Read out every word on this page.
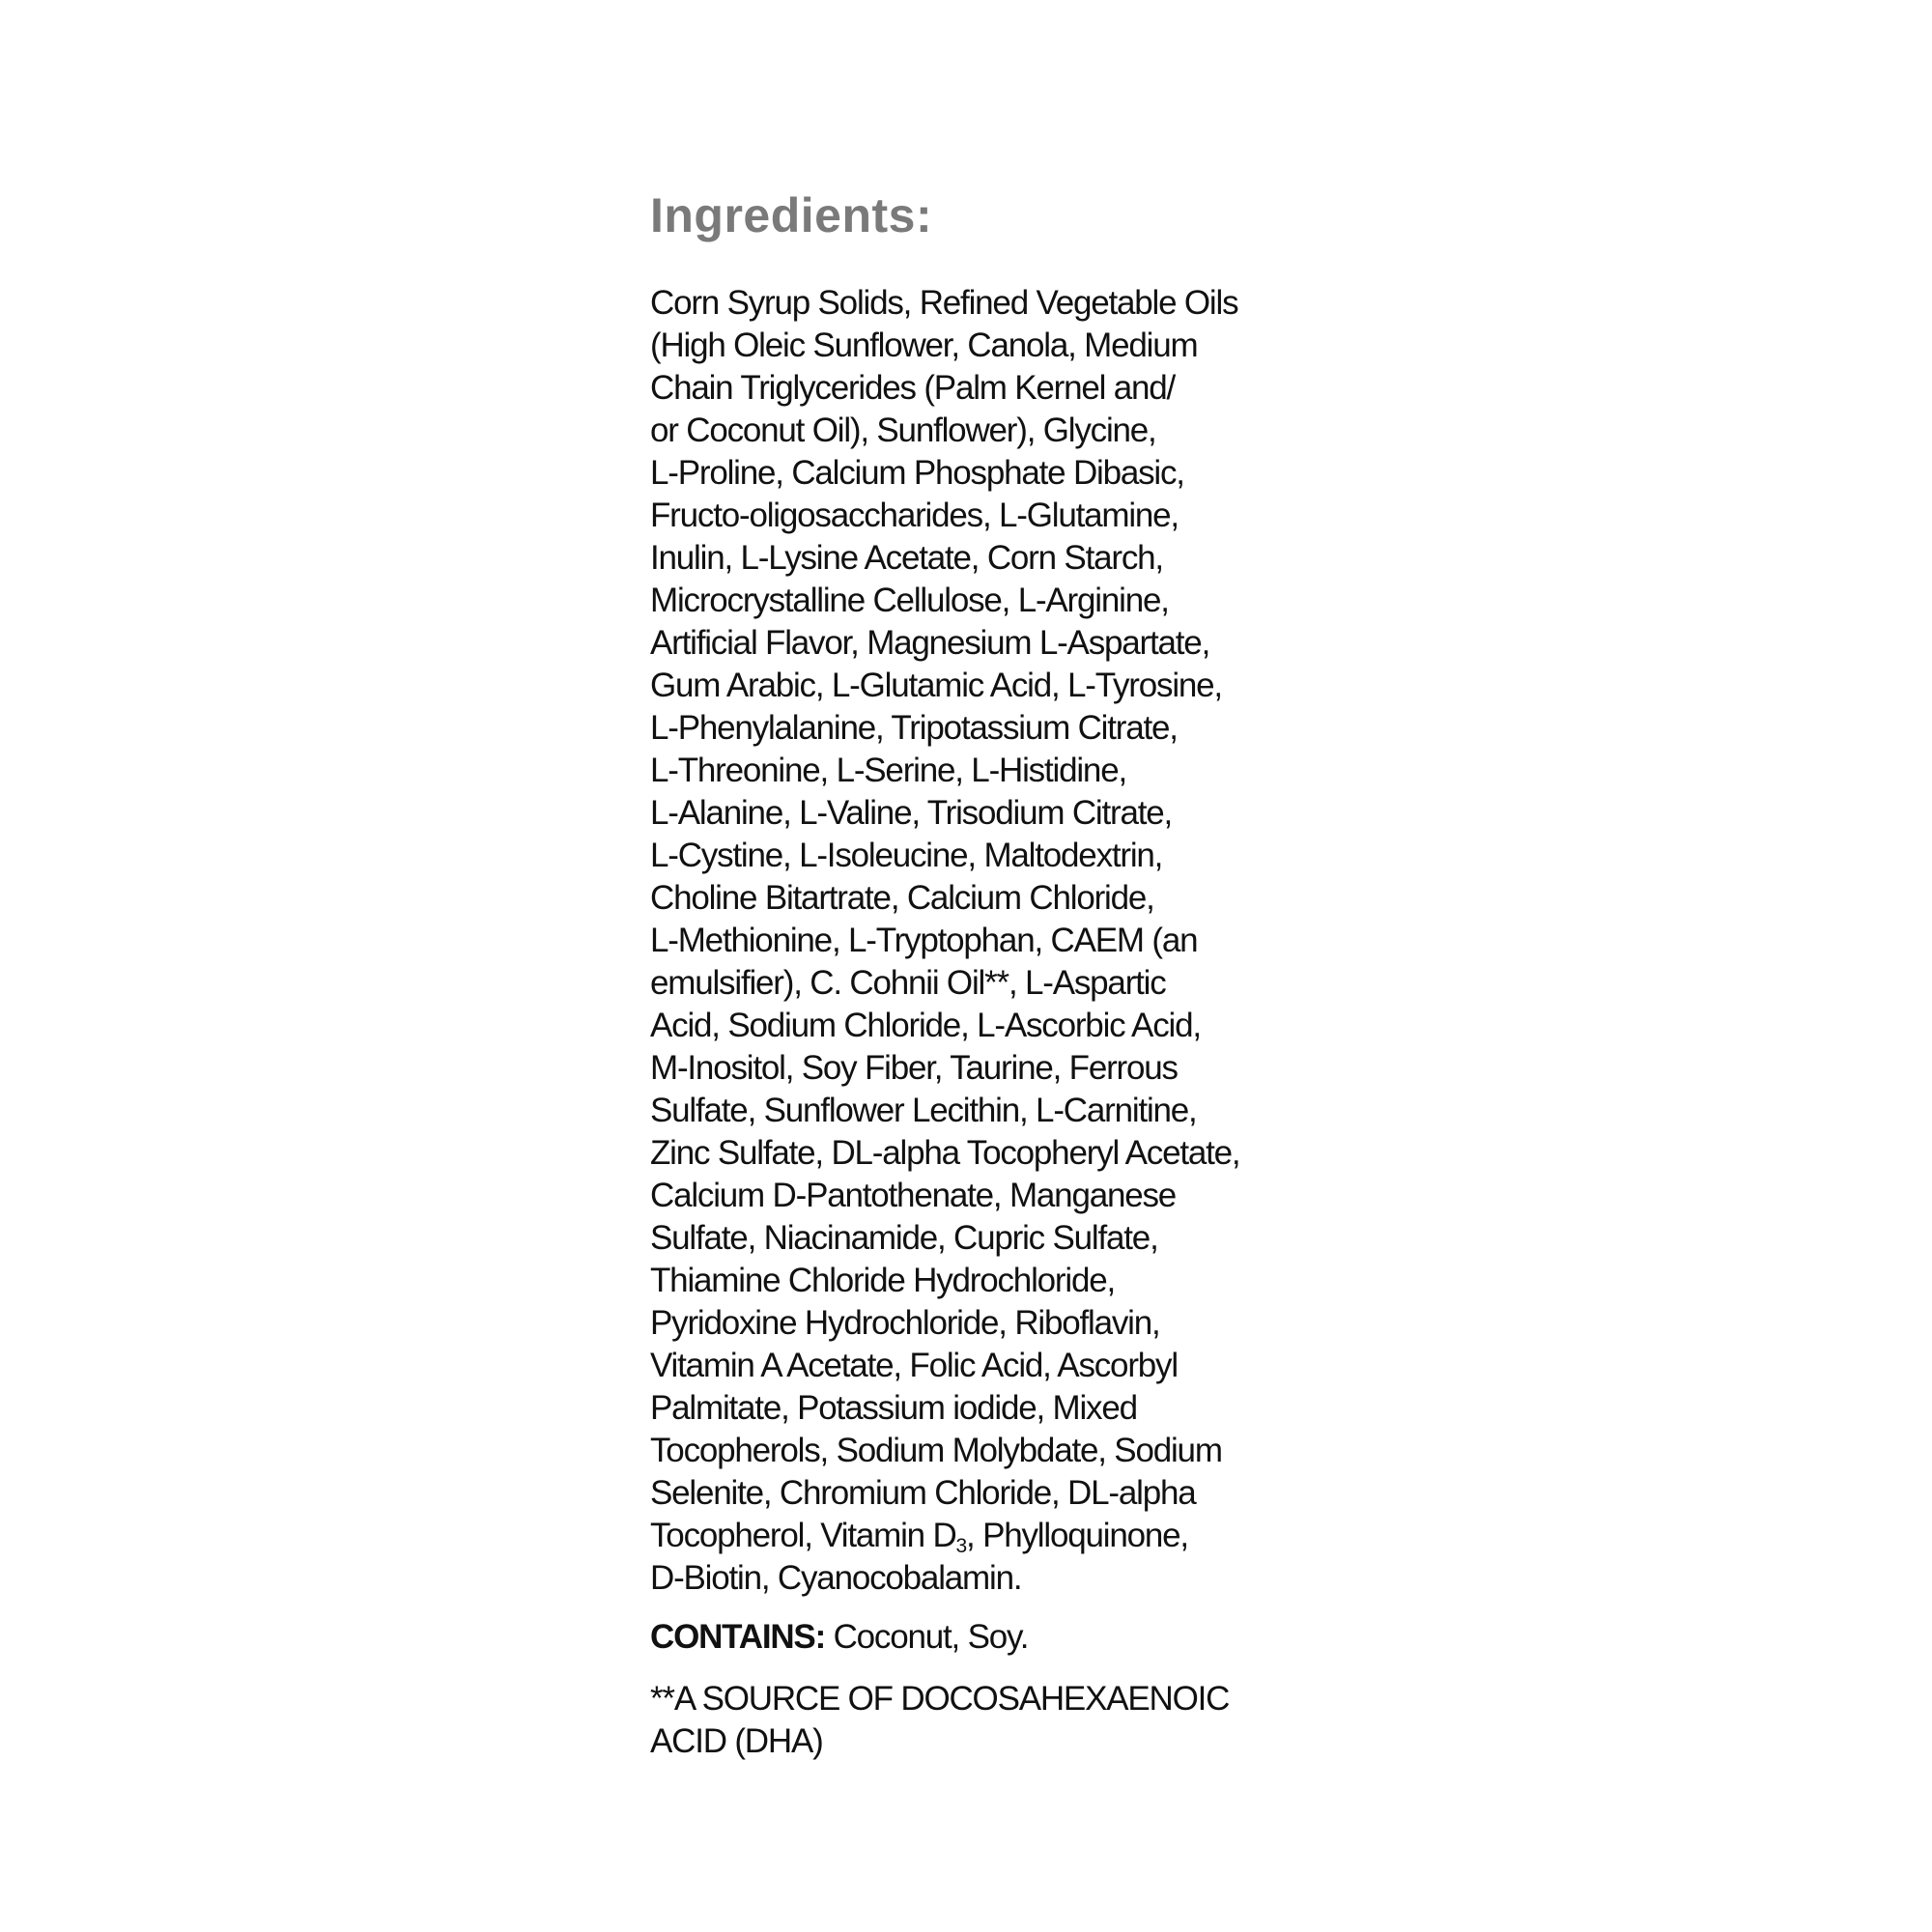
Ingredients:

Corn Syrup Solids, Refined Vegetable Oils
(High Oleic Sunflower, Canola, Medium
Chain Triglycerides (Palm Kernel and/
or Coconut Oil), Sunflower), Glycine,
L-Proline, Calcium Phosphate Dibasic,
Fructo-oligosaccharides, L-Glutamine,
Inulin, L-Lysine Acetate, Corn Starch,
Microcrystalline Cellulose, L-Arginine,
Artificial Flavor, Magnesium L-Aspartate,
Gum Arabic, L-Glutamic Acid, L-Tyrosine,
L-Phenylalanine, Tripotassium Citrate,
L-Threonine, L-Serine, L-Histidine,
L-Alanine, L-Valine, Trisodium Citrate,
L-Cystine, L-Isoleucine, Maltodextrin,
Choline Bitartrate, Calcium Chloride,
L-Methionine, L-Tryptophan, CAEM (an
emulsifier), C. Cohnii Oil**, L-Aspartic
Acid, Sodium Chloride, L-Ascorbic Acid,
M-Inositol, Soy Fiber, Taurine, Ferrous
Sulfate, Sunflower Lecithin, L-Carnitine,
Zinc Sulfate, DL-alpha Tocopheryl Acetate,
Calcium D-Pantothenate, Manganese
Sulfate, Niacinamide, Cupric Sulfate,
Thiamine Chloride Hydrochloride,
Pyridoxine Hydrochloride, Riboflavin,
Vitamin A Acetate, Folic Acid, Ascorbyl
Palmitate, Potassium iodide, Mixed
Tocopherols, Sodium Molybdate, Sodium
Selenite, Chromium Chloride, DL-alpha
Tocopherol, Vitamin $D_3$, Phylloquinone,
D-Biotin, Cyanocobalamin.

CONTAINS: Coconut, Soy.

**A SOURCE OF DOCOSAHEXAENOIC
ACID (DHA)
